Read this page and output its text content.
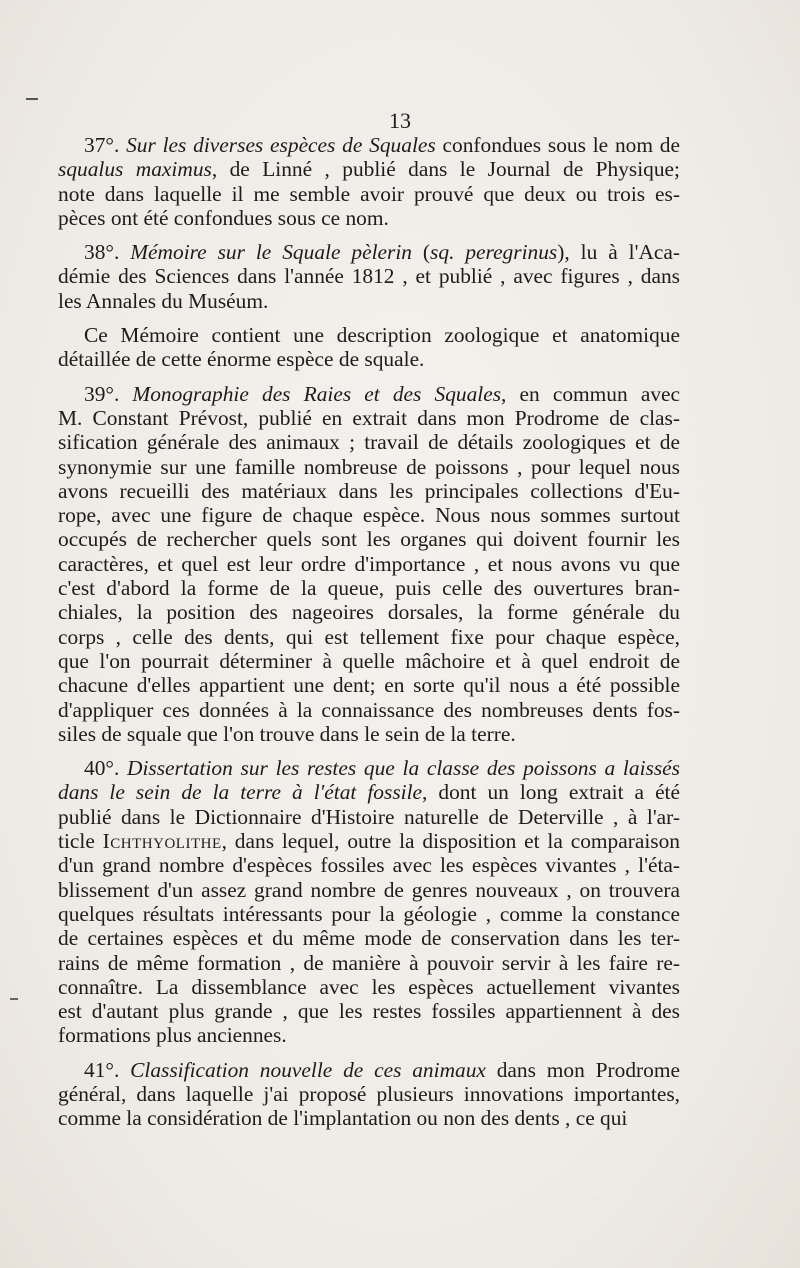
13
37°. Sur les diverses espèces de Squales confondues sous le nom de
squalus maximus, de Linné , publié dans le Journal de Physique;
note dans laquelle il me semble avoir prouvé que deux ou trois es-
pèces ont été confondues sous ce nom.
38°. Mémoire sur le Squale pèlerin (sq. peregrinus), lu à l'Aca-
démie des Sciences dans l'année 1812 , et publié , avec figures , dans
les Annales du Muséum.
Ce Mémoire contient une description zoologique et anatomique
détaillée de cette énorme espèce de squale.
39°. Monographie des Raies et des Squales, en commun avec
M. Constant Prévost, publié en extrait dans mon Prodrome de clas-
sification générale des animaux ; travail de détails zoologiques et de
synonymie sur une famille nombreuse de poissons , pour lequel nous
avons recueilli des matériaux dans les principales collections d'Eu-
rope, avec une figure de chaque espèce. Nous nous sommes surtout
occupés de rechercher quels sont les organes qui doivent fournir les
caractères, et quel est leur ordre d'importance , et nous avons vu que
c'est d'abord la forme de la queue, puis celle des ouvertures bran-
chiales, la position des nageoires dorsales, la forme générale du
corps , celle des dents, qui est tellement fixe pour chaque espèce,
que l'on pourrait déterminer à quelle mâchoire et à quel endroit de
chacune d'elles appartient une dent; en sorte qu'il nous a été possible
d'appliquer ces données à la connaissance des nombreuses dents fos-
siles de squale que l'on trouve dans le sein de la terre.
40°. Dissertation sur les restes que la classe des poissons a laissés
dans le sein de la terre à l'état fossile, dont un long extrait a été
publié dans le Dictionnaire d'Histoire naturelle de Deterville , à l'ar-
ticle Ichthyolithe, dans lequel, outre la disposition et la comparaison
d'un grand nombre d'espèces fossiles avec les espèces vivantes , l'éta-
blissement d'un assez grand nombre de genres nouveaux , on trouvera
quelques résultats intéressants pour la géologie , comme la constance
de certaines espèces et du même mode de conservation dans les ter-
rains de même formation , de manière à pouvoir servir à les faire re-
connaître. La dissemblance avec les espèces actuellement vivantes
est d'autant plus grande , que les restes fossiles appartiennent à des
formations plus anciennes.
41°. Classification nouvelle de ces animaux dans mon Prodrome
général, dans laquelle j'ai proposé plusieurs innovations importantes,
comme la considération de l'implantation ou non des dents , ce qui
